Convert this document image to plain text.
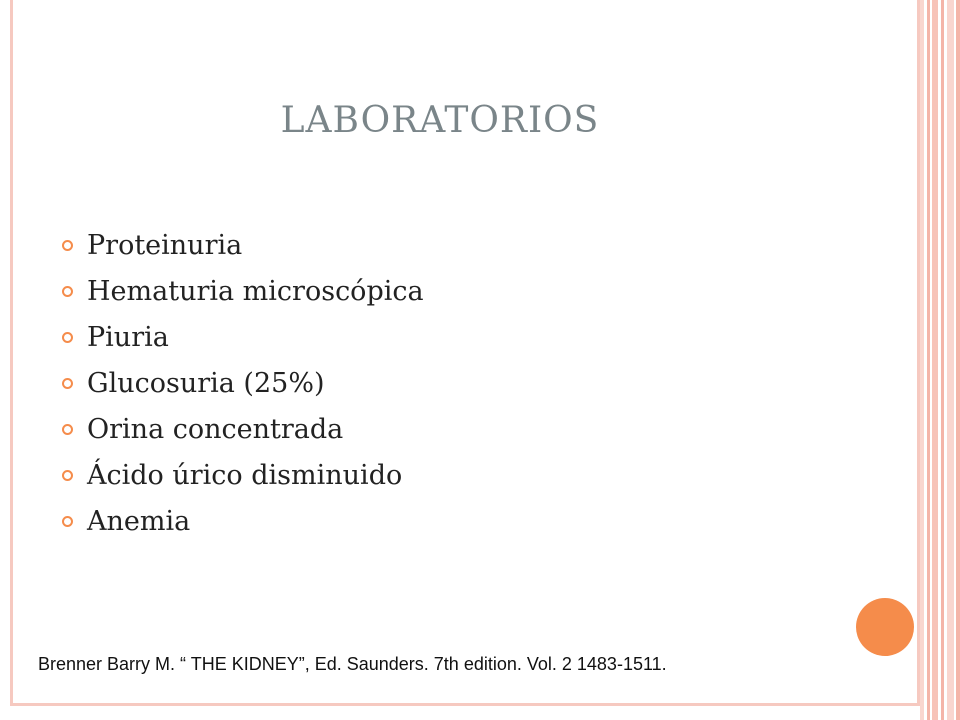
LABORATORIOS
Proteinuria
Hematuria microscópica
Piuria
Glucosuria (25%)
Orina concentrada
Ácido úrico disminuido
Anemia
Brenner Barry M. “ THE KIDNEY”, Ed. Saunders. 7th edition. Vol. 2 1483-1511.
